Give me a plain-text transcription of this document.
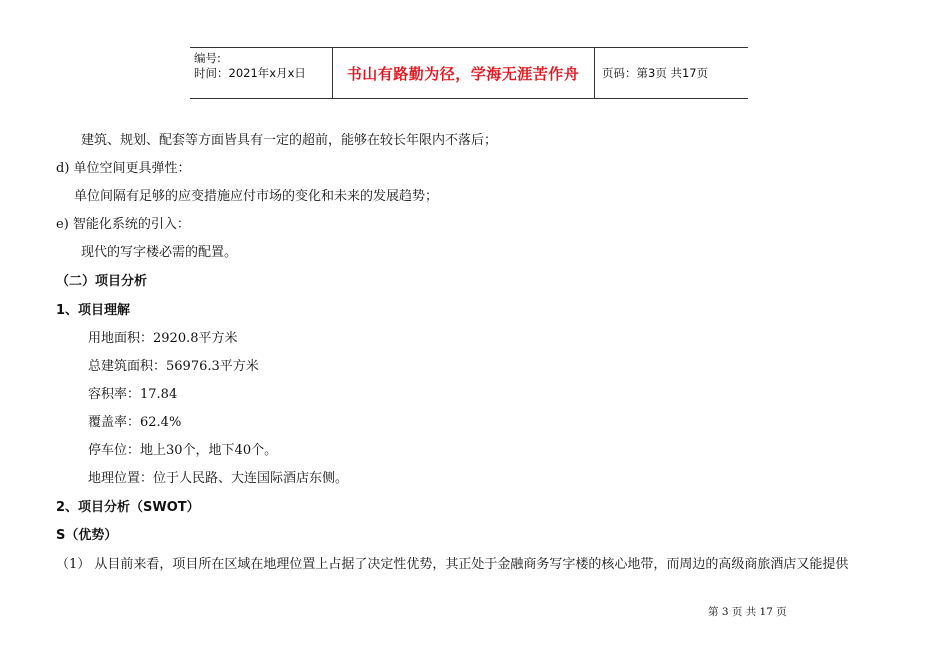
编号:
时间：2021年x月x日	书山有路勤为径，学海无涯苦作舟 页码：第3页 共17页
建筑、规划、配套等方面皆具有一定的超前，能够在较长年限内不落后；
d) 单位空间更具弹性：
单位间隔有足够的应变措施应付市场的变化和未来的发展趋势；
e) 智能化系统的引入：
现代的写字楼必需的配置。
（二）项目分析
1、项目理解
用地面积：2920.8平方米
总建筑面积：56976.3平方米
容积率：17.84
覆盖率：62.4%
停车位：地上30个，地下40个。
地理位置：位于人民路、大连国际酒店东侧。
2、项目分析（SWOT）
S（优势）
（1） 从目前来看，项目所在区域在地理位置上占据了决定性优势，其正处于金融商务写字楼的核心地带，而周边的高级商旅酒店又能提供
第 3 页 共 17 页
